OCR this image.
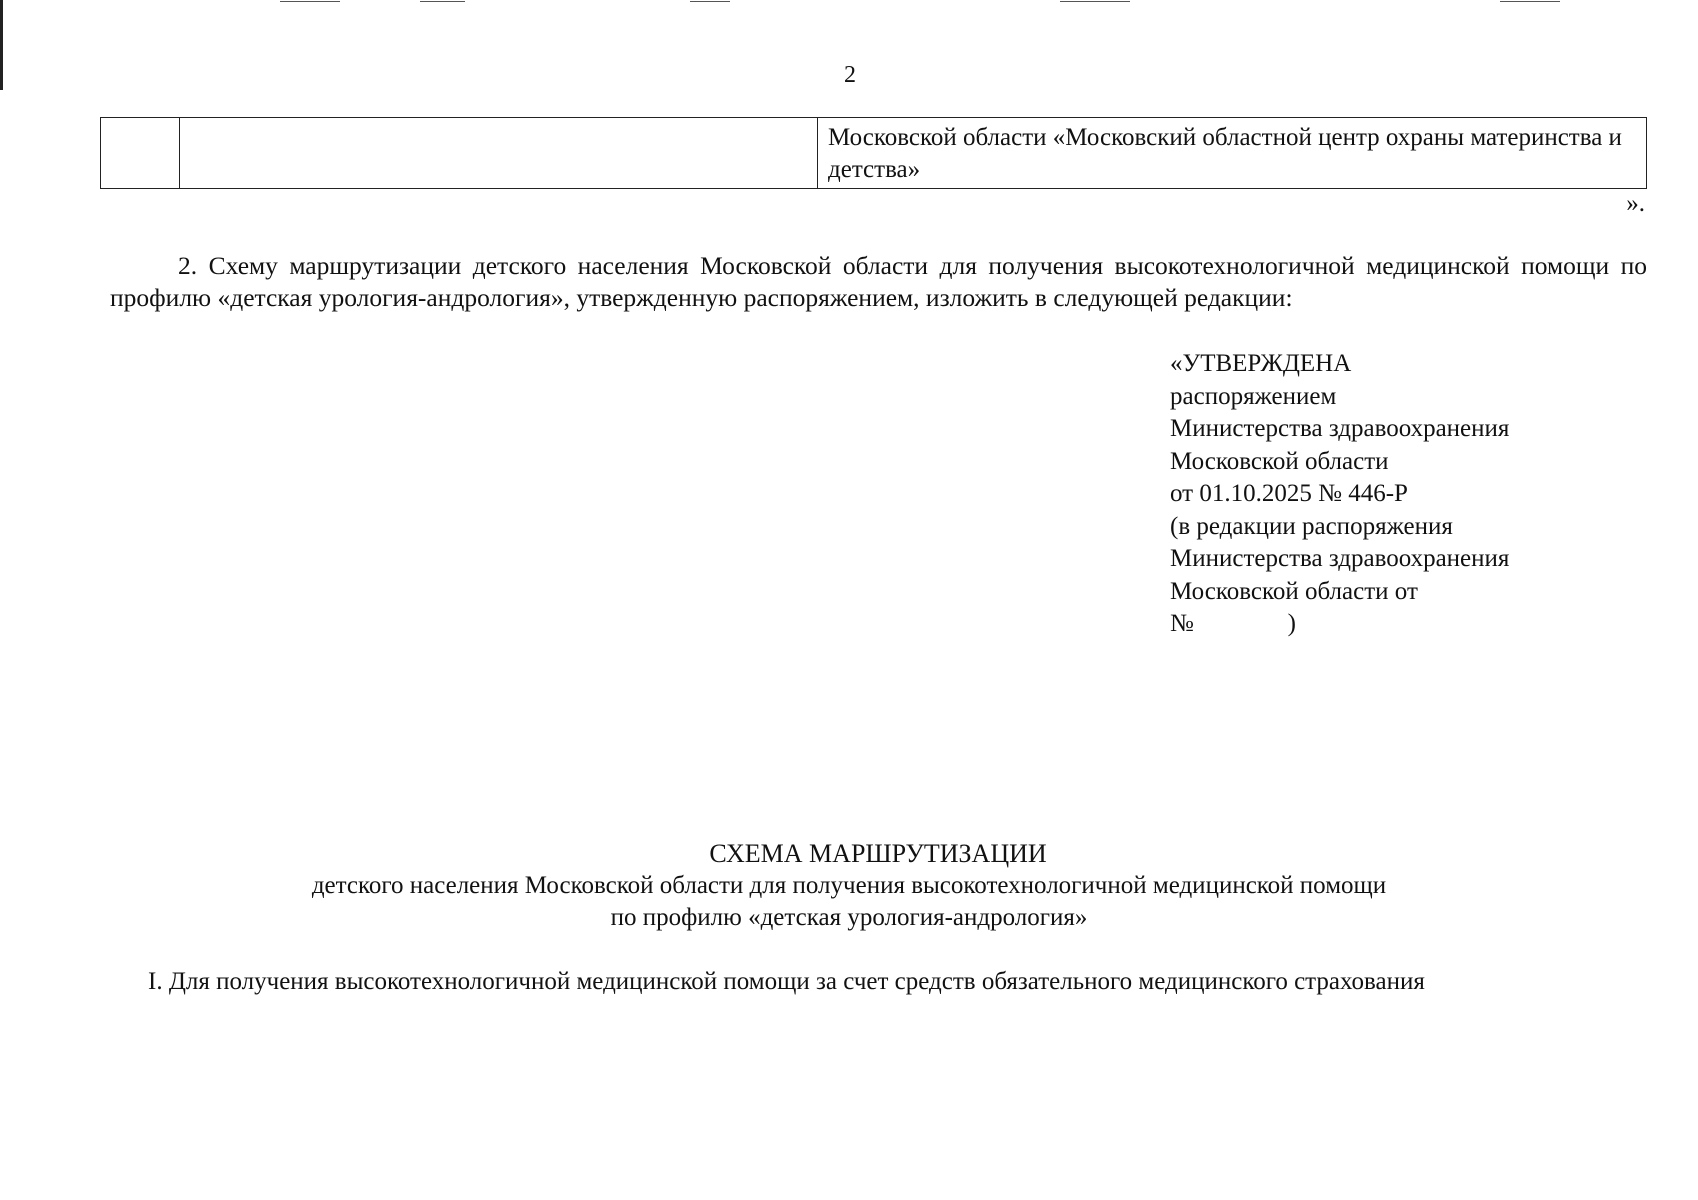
2
		Московской области «Московский областной центр охраны материнства и детства»
».

2. Схему маршрутизации детского населения Московской области для получения высокотехнологичной медицинской помощи по профилю «детская урология-андрология», утвержденную распоряжением, изложить в следующей редакции:

«УТВЕРЖДЕНА
распоряжением
Министерства здравоохранения
Московской области
от 01.10.2025 № 446-Р
(в редакции распоряжения
Министерства здравоохранения
Московской области от
№               )
СХЕМА МАРШРУТИЗАЦИИ
детского населения Московской области для получения высокотехнологичной медицинской помощи
по профилю «детская урология-андрология»
I. Для получения высокотехнологичной медицинской помощи за счет средств обязательного медицинского страхования
